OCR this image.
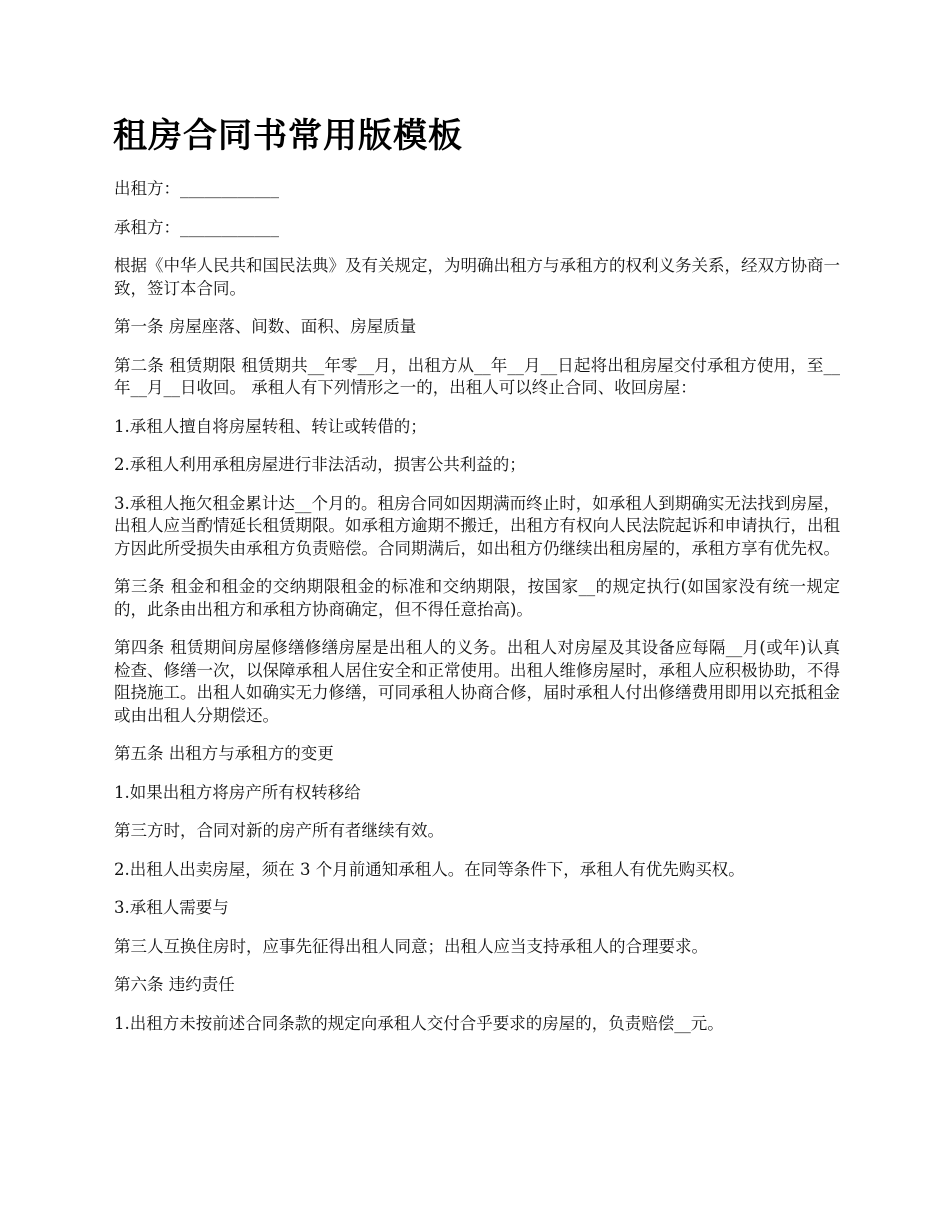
租房合同书常用版模板

出租方：____________

承租方：____________

根据《中华人民共和国民法典》及有关规定，为明确出租方与承租方的权利义务关系，经双方协商一致，签订本合同。

第一条 房屋座落、间数、面积、房屋质量

第二条 租赁期限 租赁期共__年零__月，出租方从__年__月__日起将出租房屋交付承租方使用，至__年__月__日收回。 承租人有下列情形之一的，出租人可以终止合同、收回房屋：

1.承租人擅自将房屋转租、转让或转借的；

2.承租人利用承租房屋进行非法活动，损害公共利益的；

3.承租人拖欠租金累计达__个月的。租房合同如因期满而终止时，如承租人到期确实无法找到房屋，出租人应当酌情延长租赁期限。如承租方逾期不搬迁，出租方有权向人民法院起诉和申请执行，出租方因此所受损失由承租方负责赔偿。合同期满后，如出租方仍继续出租房屋的，承租方享有优先权。

第三条 租金和租金的交纳期限租金的标准和交纳期限，按国家__的规定执行(如国家没有统一规定的，此条由出租方和承租方协商确定，但不得任意抬高)。

第四条 租赁期间房屋修缮修缮房屋是出租人的义务。出租人对房屋及其设备应每隔__月(或年)认真检查、修缮一次，以保障承租人居住安全和正常使用。出租人维修房屋时，承租人应积极协助，不得阻挠施工。出租人如确实无力修缮，可同承租人协商合修，届时承租人付出修缮费用即用以充抵租金或由出租人分期偿还。

第五条 出租方与承租方的变更

1.如果出租方将房产所有权转移给

第三方时，合同对新的房产所有者继续有效。

2.出租人出卖房屋，须在 3 个月前通知承租人。在同等条件下，承租人有优先购买权。

3.承租人需要与

第三人互换住房时，应事先征得出租人同意；出租人应当支持承租人的合理要求。

第六条 违约责任

1.出租方未按前述合同条款的规定向承租人交付合乎要求的房屋的，负责赔偿__元。
